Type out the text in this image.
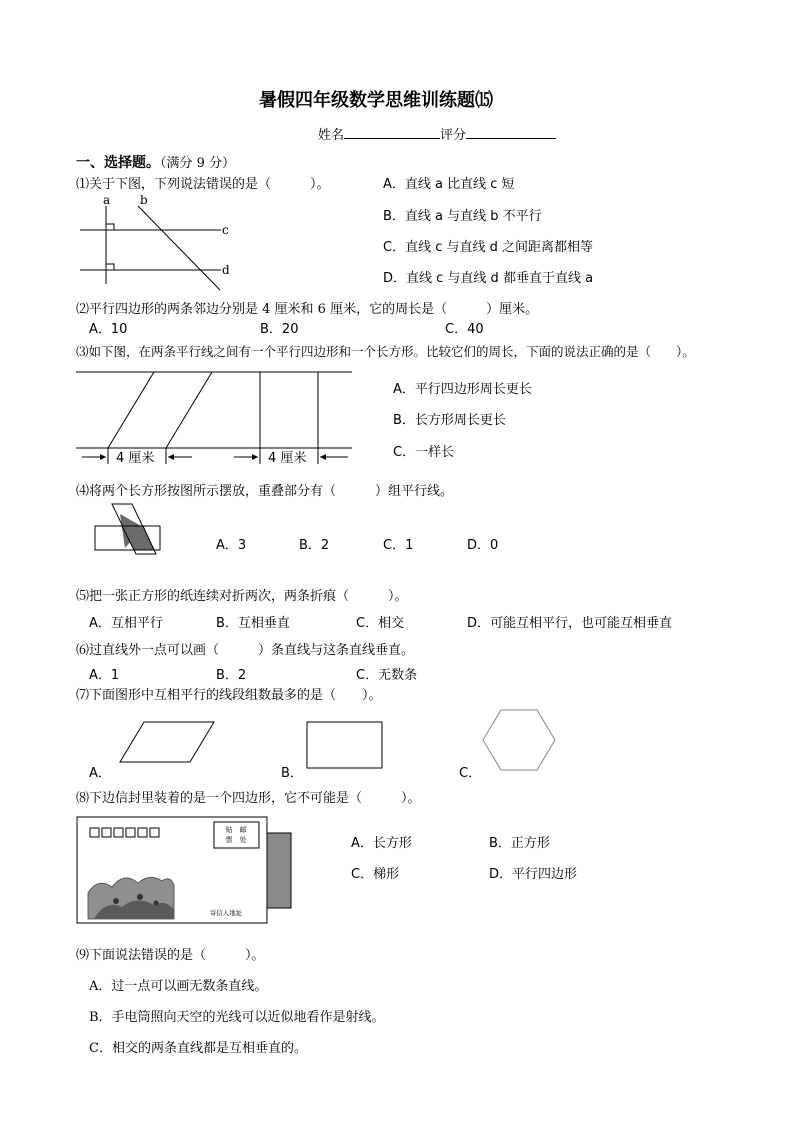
暑假四年级数学思维训练题⒂
姓名	评分
一、选择题。（满分 9 分）
⑴关于下图，下列说法错误的是（　　　）。
a b
c
d
A．直线 a 比直线 c 短
B．直线 a 与直线 b 不平行
C．直线 c 与直线 d 之间距离都相等
D．直线 c 与直线 d 都垂直于直线 a
⑵平行四边形的两条邻边分别是 4 厘米和 6 厘米，它的周长是（　　　）厘米。
A．10	B．20	C．40
⑶如下图，在两条平行线之间有一个平行四边形和一个长方形。比较它们的周长，下面的说法正确的是（　　）。
4 厘米	4 厘米
A．平行四边形周长更长
B．长方形周长更长
C．一样长
⑷将两个长方形按图所示摆放，重叠部分有（　　　）组平行线。
A．3	B．2	C．1	D．0
⑸把一张正方形的纸连续对折两次，两条折痕（　　　）。
A．互相平行	B．互相垂直	C．相交	D．可能互相平行，也可能互相垂直
⑹过直线外一点可以画（　　　）条直线与这条直线垂直。
A．1	B．2	C．无数条
⑺下面图形中互相平行的线段组数最多的是（　　）。
A．	B．	C．
⑻下边信封里装着的是一个四边形，它不可能是（　　　）。
贴　邮
票　处
寄信人地址
A．长方形	B．正方形
C．梯形	D．平行四边形
⑼下面说法错误的是（　　　）。
A．过一点可以画无数条直线。
B．手电筒照向天空的光线可以近似地看作是射线。
C．相交的两条直线都是互相垂直的。
